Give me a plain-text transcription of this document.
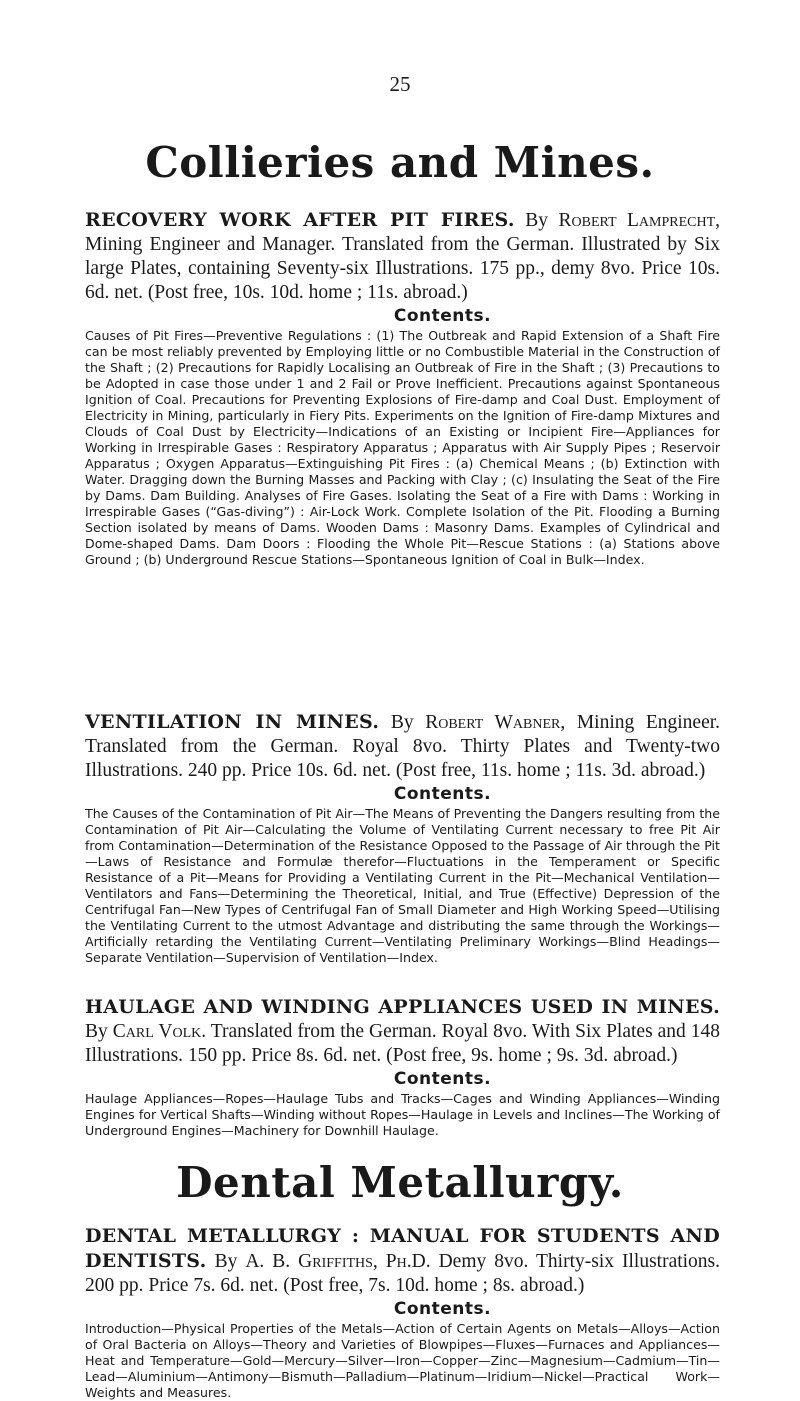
25
Collieries and Mines.

RECOVERY WORK AFTER PIT FIRES. By Robert Lamprecht, Mining Engineer and Manager. Translated from the German. Illustrated by Six large Plates, containing Seventy-six Illustrations. 175 pp., demy 8vo. Price 10s. 6d. net. (Post free, 10s. 10d. home ; 11s. abroad.)

Contents.

Causes of Pit Fires—Preventive Regulations : (1) The Outbreak and Rapid Extension of a Shaft Fire can be most reliably prevented by Employing little or no Combustible Material in the Construction of the Shaft ; (2) Precautions for Rapidly Localising an Outbreak of Fire in the Shaft ; (3) Precautions to be Adopted in case those under 1 and 2 Fail or Prove Inefficient. Precautions against Spontaneous Ignition of Coal. Precautions for Preventing Explosions of Fire-damp and Coal Dust. Employment of Electricity in Mining, particularly in Fiery Pits. Experiments on the Ignition of Fire-damp Mixtures and Clouds of Coal Dust by Electricity—Indications of an Existing or Incipient Fire—Appliances for Working in Irrespirable Gases : Respiratory Apparatus ; Apparatus with Air Supply Pipes ; Reservoir Apparatus ; Oxygen Apparatus—Extinguishing Pit Fires : (a) Chemical Means ; (b) Extinction with Water. Dragging down the Burning Masses and Packing with Clay ; (c) Insulating the Seat of the Fire by Dams. Dam Building. Analyses of Fire Gases. Isolating the Seat of a Fire with Dams : Working in Irrespirable Gases (“Gas-diving”) : Air-Lock Work. Complete Isolation of the Pit. Flooding a Burning Section isolated by means of Dams. Wooden Dams : Masonry Dams. Examples of Cylindrical and Dome-shaped Dams. Dam Doors : Flooding the Whole Pit—Rescue Stations : (a) Stations above Ground ; (b) Underground Rescue Stations—Spontaneous Ignition of Coal in Bulk—Index.

VENTILATION IN MINES. By Robert Wabner, Mining Engineer. Translated from the German. Royal 8vo. Thirty Plates and Twenty-two Illustrations. 240 pp. Price 10s. 6d. net. (Post free, 11s. home ; 11s. 3d. abroad.)

Contents.

The Causes of the Contamination of Pit Air—The Means of Preventing the Dangers resulting from the Contamination of Pit Air—Calculating the Volume of Ventilating Current necessary to free Pit Air from Contamination—Determination of the Resistance Opposed to the Passage of Air through the Pit—Laws of Resistance and Formulæ therefor—Fluctuations in the Temperament or Specific Resistance of a Pit—Means for Providing a Ventilating Current in the Pit—Mechanical Ventilation—Ventilators and Fans—Determining the Theoretical, Initial, and True (Effective) Depression of the Centrifugal Fan—New Types of Centrifugal Fan of Small Diameter and High Working Speed—Utilising the Ventilating Current to the utmost Advantage and distributing the same through the Workings—Artificially retarding the Ventilating Current—Ventilating Preliminary Workings—Blind Headings—Separate Ventilation—Supervision of Ventilation—Index.

HAULAGE AND WINDING APPLIANCES USED IN MINES. By Carl Volk. Translated from the German. Royal 8vo. With Six Plates and 148 Illustrations. 150 pp. Price 8s. 6d. net. (Post free, 9s. home ; 9s. 3d. abroad.)

Contents.

Haulage Appliances—Ropes—Haulage Tubs and Tracks—Cages and Winding Appliances—Winding Engines for Vertical Shafts—Winding without Ropes—Haulage in Levels and Inclines—The Working of Underground Engines—Machinery for Downhill Haulage.

Dental Metallurgy.

DENTAL METALLURGY : MANUAL FOR STUDENTS AND DENTISTS. By A. B. Griffiths, Ph.D. Demy 8vo. Thirty-six Illustrations. 200 pp. Price 7s. 6d. net. (Post free, 7s. 10d. home ; 8s. abroad.)

Contents.

Introduction—Physical Properties of the Metals—Action of Certain Agents on Metals—Alloys—Action of Oral Bacteria on Alloys—Theory and Varieties of Blowpipes—Fluxes—Furnaces and Appliances—Heat and Temperature—Gold—Mercury—Silver—Iron—Copper—Zinc—Magnesium—Cadmium—Tin—Lead—Aluminium—Antimony—Bismuth—Palladium—Platinum—Iridium—Nickel—Practical Work—Weights and Measures.
